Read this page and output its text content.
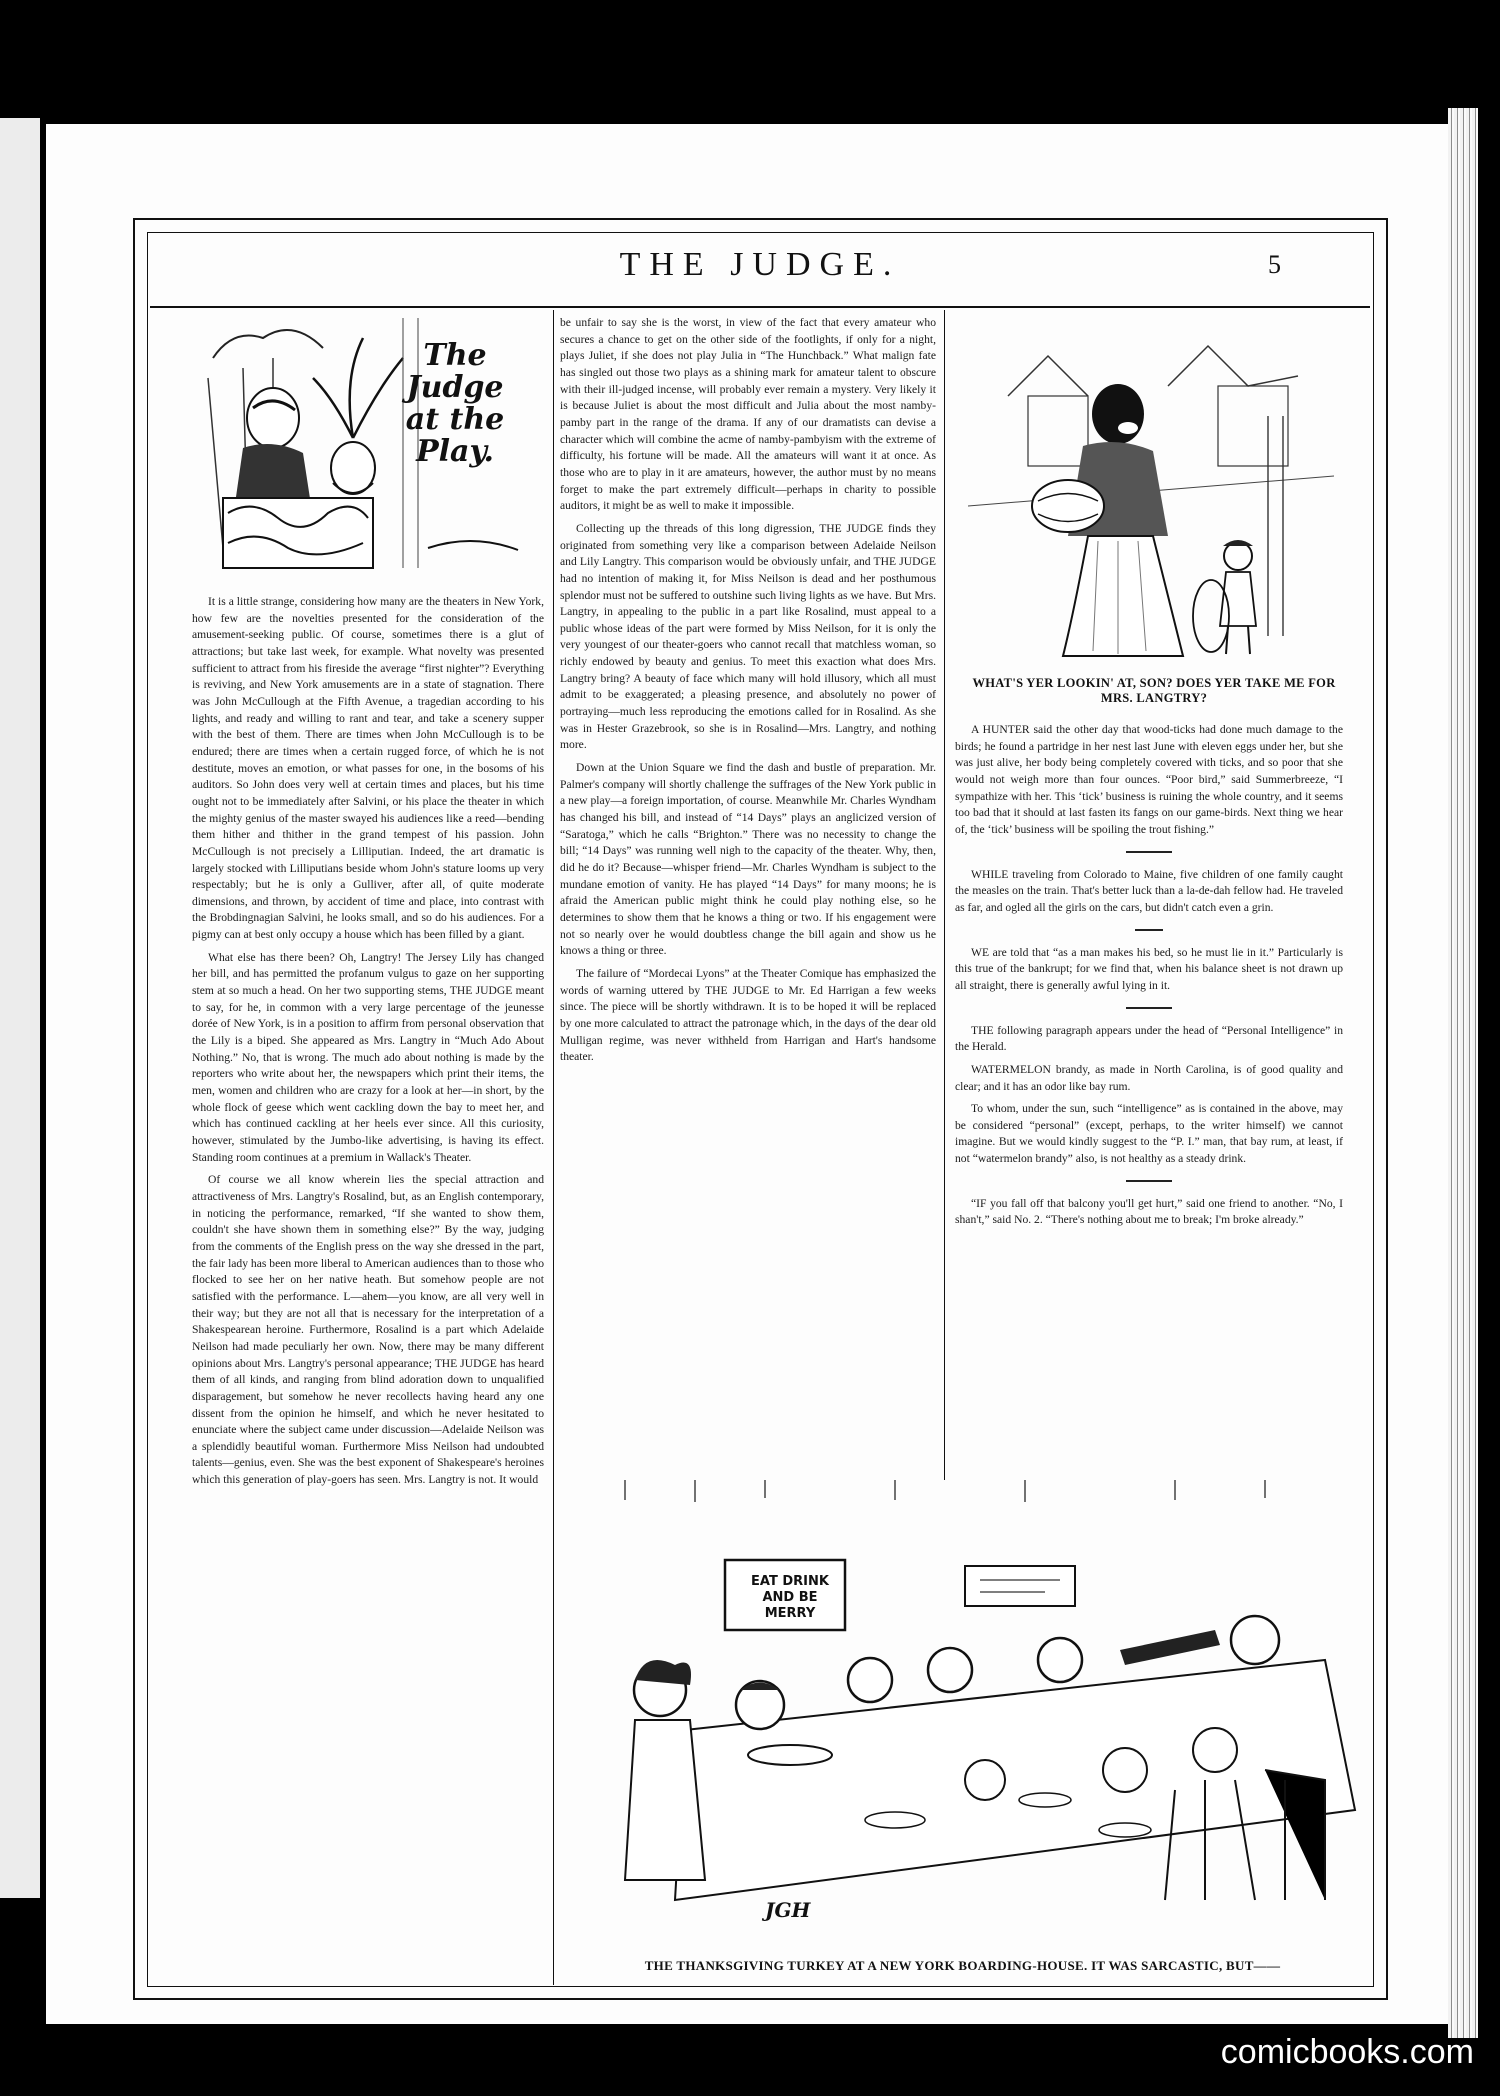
THE JUDGE.	5
The Judge at the Play.

It is a little strange, considering how many are the theaters in New York, how few are the novelties presented for the consideration of the amusement-seeking public. Of course, sometimes there is a glut of attractions; but take last week, for example. What novelty was presented sufficient to attract from his fireside the average “first nighter”? Everything is reviving, and New York amusements are in a state of stagnation. There was John McCullough at the Fifth Avenue, a tragedian according to his lights, and ready and willing to rant and tear, and take a scenery supper with the best of them. There are times when John McCullough is to be endured; there are times when a certain rugged force, of which he is not destitute, moves an emotion, or what passes for one, in the bosoms of his auditors. So John does very well at certain times and places, but his time ought not to be immediately after Salvini, or his place the theater in which the mighty genius of the master swayed his audiences like a reed—bending them hither and thither in the grand tempest of his passion. John McCullough is not precisely a Lilliputian. Indeed, the art dramatic is largely stocked with Lilliputians beside whom John's stature looms up very respectably; but he is only a Gulliver, after all, of quite moderate dimensions, and thrown, by accident of time and place, into contrast with the Brobdingnagian Salvini, he looks small, and so do his audiences. For a pigmy can at best only occupy a house which has been filled by a giant.

What else has there been? Oh, Langtry! The Jersey Lily has changed her bill, and has permitted the profanum vulgus to gaze on her supporting stem at so much a head. On her two supporting stems, THE JUDGE meant to say, for he, in common with a very large percentage of the jeunesse dorée of New York, is in a position to affirm from personal observation that the Lily is a biped. She appeared as Mrs. Langtry in “Much Ado About Nothing.” No, that is wrong. The much ado about nothing is made by the reporters who write about her, the newspapers which print their items, the men, women and children who are crazy for a look at her—in short, by the whole flock of geese which went cackling down the bay to meet her, and which has continued cackling at her heels ever since. All this curiosity, however, stimulated by the Jumbo-like advertising, is having its effect. Standing room continues at a premium in Wallack's Theater.

Of course we all know wherein lies the special attraction and attractiveness of Mrs. Langtry's Rosalind, but, as an English contemporary, in noticing the performance, remarked, “If she wanted to show them, couldn't she have shown them in something else?” By the way, judging from the comments of the English press on the way she dressed in the part, the fair lady has been more liberal to American audiences than to those who flocked to see her on her native heath. But somehow people are not satisfied with the performance. L—ahem—you know, are all very well in their way; but they are not all that is necessary for the interpretation of a Shakespearean heroine. Furthermore, Rosalind is a part which Adelaide Neilson had made peculiarly her own. Now, there may be many different opinions about Mrs. Langtry's personal appearance; THE JUDGE has heard them of all kinds, and ranging from blind adoration down to unqualified disparagement, but somehow he never recollects having heard any one dissent from the opinion he himself, and which he never hesitated to enunciate where the subject came under discussion—Adelaide Neilson was a splendidly beautiful woman. Furthermore Miss Neilson had undoubted talents—genius, even. She was the best exponent of Shakespeare's heroines which this generation of play-goers has seen. Mrs. Langtry is not. It would

be unfair to say she is the worst, in view of the fact that every amateur who secures a chance to get on the other side of the footlights, if only for a night, plays Juliet, if she does not play Julia in “The Hunchback.” What malign fate has singled out those two plays as a shining mark for amateur talent to obscure with their ill-judged incense, will probably ever remain a mystery. Very likely it is because Juliet is about the most difficult and Julia about the most namby-pamby part in the range of the drama. If any of our dramatists can devise a character which will combine the acme of namby-pambyism with the extreme of difficulty, his fortune will be made. All the amateurs will want it at once. As those who are to play in it are amateurs, however, the author must by no means forget to make the part extremely difficult—perhaps in charity to possible auditors, it might be as well to make it impossible.

Collecting up the threads of this long digression, THE JUDGE finds they originated from something very like a comparison between Adelaide Neilson and Lily Langtry. This comparison would be obviously unfair, and THE JUDGE had no intention of making it, for Miss Neilson is dead and her posthumous splendor must not be suffered to outshine such living lights as we have. But Mrs. Langtry, in appealing to the public in a part like Rosalind, must appeal to a public whose ideas of the part were formed by Miss Neilson, for it is only the very youngest of our theater-goers who cannot recall that matchless woman, so richly endowed by beauty and genius. To meet this exaction what does Mrs. Langtry bring? A beauty of face which many will hold illusory, which all must admit to be exaggerated; a pleasing presence, and absolutely no power of portraying—much less reproducing the emotions called for in Rosalind. As she was in Hester Grazebrook, so she is in Rosalind—Mrs. Langtry, and nothing more.

Down at the Union Square we find the dash and bustle of preparation. Mr. Palmer's company will shortly challenge the suffrages of the New York public in a new play—a foreign importation, of course. Meanwhile Mr. Charles Wyndham has changed his bill, and instead of “14 Days” plays an anglicized version of “Saratoga,” which he calls “Brighton.” There was no necessity to change the bill; “14 Days” was running well nigh to the capacity of the theater. Why, then, did he do it? Because—whisper friend—Mr. Charles Wyndham is subject to the mundane emotion of vanity. He has played “14 Days” for many moons; he is afraid the American public might think he could play nothing else, so he determines to show them that he knows a thing or two. If his engagement were not so nearly over he would doubtless change the bill again and show us he knows a thing or three.

The failure of “Mordecai Lyons” at the Theater Comique has emphasized the words of warning uttered by THE JUDGE to Mr. Ed Harrigan a few weeks since. The piece will be shortly withdrawn. It is to be hoped it will be replaced by one more calculated to attract the patronage which, in the days of the dear old Mulligan regime, was never withheld from Harrigan and Hart's handsome theater.

WHAT'S YER LOOKIN' AT, SON? DOES YER TAKE ME FOR MRS. LANGTRY?

A HUNTER said the other day that wood-ticks had done much damage to the birds; he found a partridge in her nest last June with eleven eggs under her, but she was just alive, her body being completely covered with ticks, and so poor that she would not weigh more than four ounces. “Poor bird,” said Summerbreeze, “I sympathize with her. This ‘tick’ business is ruining the whole country, and it seems too bad that it should at last fasten its fangs on our game-birds. Next thing we hear of, the ‘tick’ business will be spoiling the trout fishing.”

WHILE traveling from Colorado to Maine, five children of one family caught the measles on the train. That's better luck than a la-de-dah fellow had. He traveled as far, and ogled all the girls on the cars, but didn't catch even a grin.

WE are told that “as a man makes his bed, so he must lie in it.” Particularly is this true of the bankrupt; for we find that, when his balance sheet is not drawn up all straight, there is generally awful lying in it.

THE following paragraph appears under the head of “Personal Intelligence” in the Herald.

WATERMELON brandy, as made in North Carolina, is of good quality and clear; and it has an odor like bay rum.

To whom, under the sun, such “intelligence” as is contained in the above, may be considered “personal” (except, perhaps, to the writer himself) we cannot imagine. But we would kindly suggest to the “P. I.” man, that bay rum, at least, if not “watermelon brandy” also, is not healthy as a steady drink.

“IF you fall off that balcony you'll get hurt,” said one friend to another. “No, I shan't,” said No. 2. “There's nothing about me to break; I'm broke already.”

EAT DRINK AND BE MERRY
JGH
THE THANKSGIVING TURKEY AT A NEW YORK BOARDING-HOUSE. IT WAS SARCASTIC, BUT——
comicbooks.com
